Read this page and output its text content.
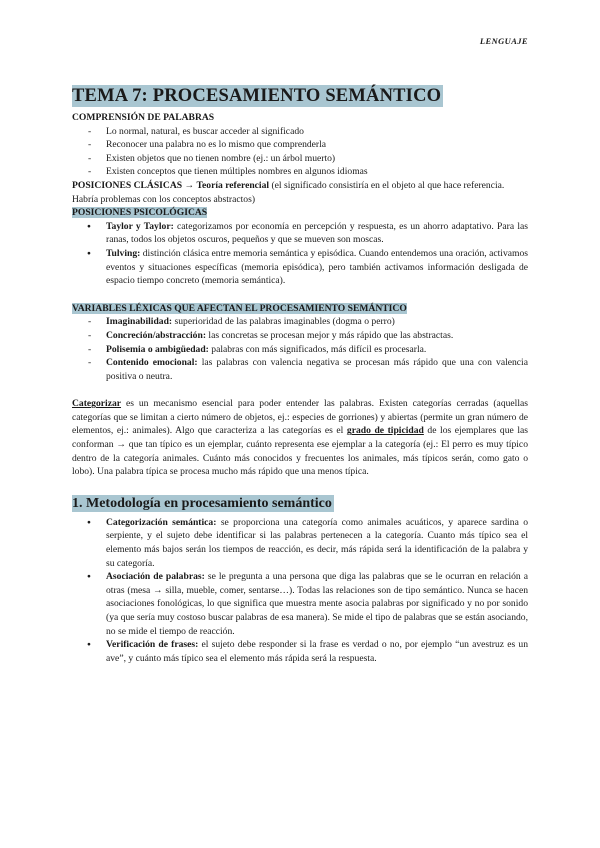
LENGUAJE
TEMA 7: PROCESAMIENTO SEMÁNTICO
COMPRENSIÓN DE PALABRAS
- Lo normal, natural, es buscar acceder al significado
- Reconocer una palabra no es lo mismo que comprenderla
- Existen objetos que no tienen nombre (ej.: un árbol muerto)
- Existen conceptos que tienen múltiples nombres en algunos idiomas

POSICIONES CLÁSICAS → Teoría referencial (el significado consistiría en el objeto al que hace referencia. Habría problemas con los conceptos abstractos)

POSICIONES PSICOLÓGICAS
● Taylor y Taylor: categorizamos por economía en percepción y respuesta, es un ahorro adaptativo. Para las ranas, todos los objetos oscuros, pequeños y que se mueven son moscas.
● Tulving: distinción clásica entre memoria semántica y episódica. Cuando entendemos una oración, activamos eventos y situaciones específicas (memoria episódica), pero también activamos información desligada de espacio tiempo concreto (memoria semántica).
VARIABLES LÉXICAS QUE AFECTAN EL PROCESAMIENTO SEMÁNTICO
- Imaginabilidad: superioridad de las palabras imaginables (dogma o perro)
- Concreción/abstracción: las concretas se procesan mejor y más rápido que las abstractas.
- Polisemia o ambigüedad: palabras con más significados, más difícil es procesarla.
- Contenido emocional: las palabras con valencia negativa se procesan más rápido que una con valencia positiva o neutra.

Categorizar es un mecanismo esencial para poder entender las palabras. Existen categorías cerradas (aquellas categorías que se limitan a cierto número de objetos, ej.: especies de gorriones) y abiertas (permite un gran número de elementos, ej.: animales). Algo que caracteriza a las categorías es el grado de tipicidad de los ejemplares que las conforman → que tan típico es un ejemplar, cuánto representa ese ejemplar a la categoría (ej.: El perro es muy típico dentro de la categoría animales. Cuánto más conocidos y frecuentes los animales, más típicos serán, como gato o lobo). Una palabra típica se procesa mucho más rápido que una menos típica.

1. Metodología en procesamiento semántico
● Categorización semántica: se proporciona una categoría como animales acuáticos, y aparece sardina o serpiente, y el sujeto debe identificar si las palabras pertenecen a la categoría. Cuanto más típico sea el elemento más bajos serán los tiempos de reacción, es decir, más rápida será la identificación de la palabra y su categoría.
● Asociación de palabras: se le pregunta a una persona que diga las palabras que se le ocurran en relación a otras (mesa → silla, mueble, comer, sentarse…). Todas las relaciones son de tipo semántico. Nunca se hacen asociaciones fonológicas, lo que significa que muestra mente asocia palabras por significado y no por sonido (ya que sería muy costoso buscar palabras de esa manera). Se mide el tipo de palabras que se están asociando, no se mide el tiempo de reacción.
● Verificación de frases: el sujeto debe responder si la frase es verdad o no, por ejemplo “un avestruz es un ave”, y cuánto más típico sea el elemento más rápida será la respuesta.
